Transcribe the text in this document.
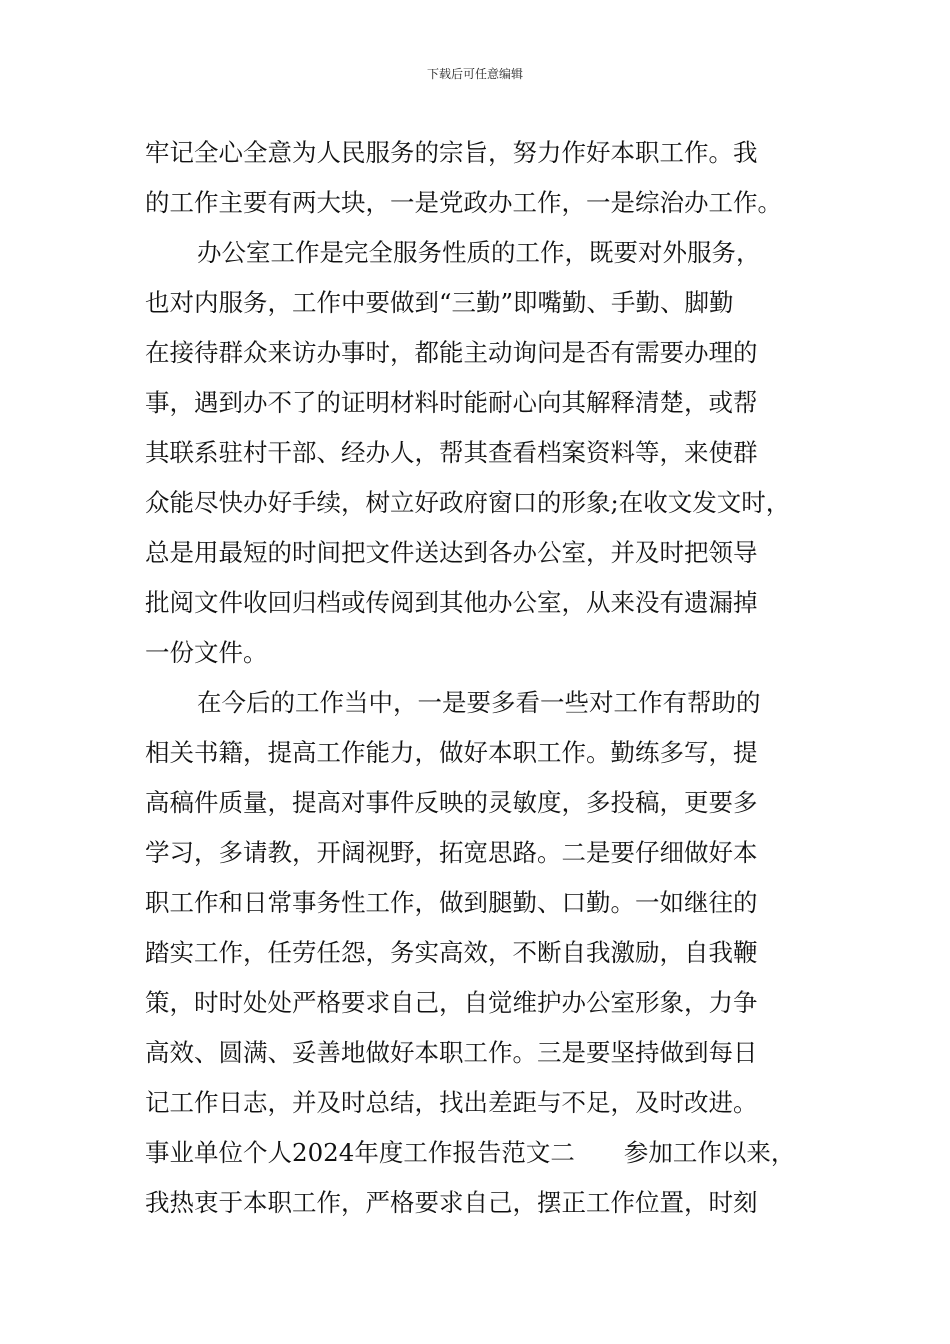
下载后可任意编辑
牢记全心全意为人民服务的宗旨，努力作好本职工作。我
的工作主要有两大块，一是党政办工作，一是综治办工作。
办公室工作是完全服务性质的工作，既要对外服务，
也对内服务，工作中要做到“三勤”即嘴勤、手勤、脚勤
在接待群众来访办事时，都能主动询问是否有需要办理的
事，遇到办不了的证明材料时能耐心向其解释清楚，或帮
其联系驻村干部、经办人，帮其查看档案资料等，来使群
众能尽快办好手续，树立好政府窗口的形象;在收文发文时，
总是用最短的时间把文件送达到各办公室，并及时把领导
批阅文件收回归档或传阅到其他办公室，从来没有遗漏掉
一份文件。
在今后的工作当中，一是要多看一些对工作有帮助的
相关书籍，提高工作能力，做好本职工作。勤练多写，提
高稿件质量，提高对事件反映的灵敏度，多投稿，更要多
学习，多请教，开阔视野，拓宽思路。二是要仔细做好本
职工作和日常事务性工作，做到腿勤、口勤。一如继往的
踏实工作，任劳任怨，务实高效，不断自我激励，自我鞭
策，时时处处严格要求自己，自觉维护办公室形象，力争
高效、圆满、妥善地做好本职工作。三是要坚持做到每日
记工作日志，并及时总结，找出差距与不足，及时改进。
事业单位个人2024年度工作报告范文二　　参加工作以来，
我热衷于本职工作，严格要求自己，摆正工作位置，时刻
